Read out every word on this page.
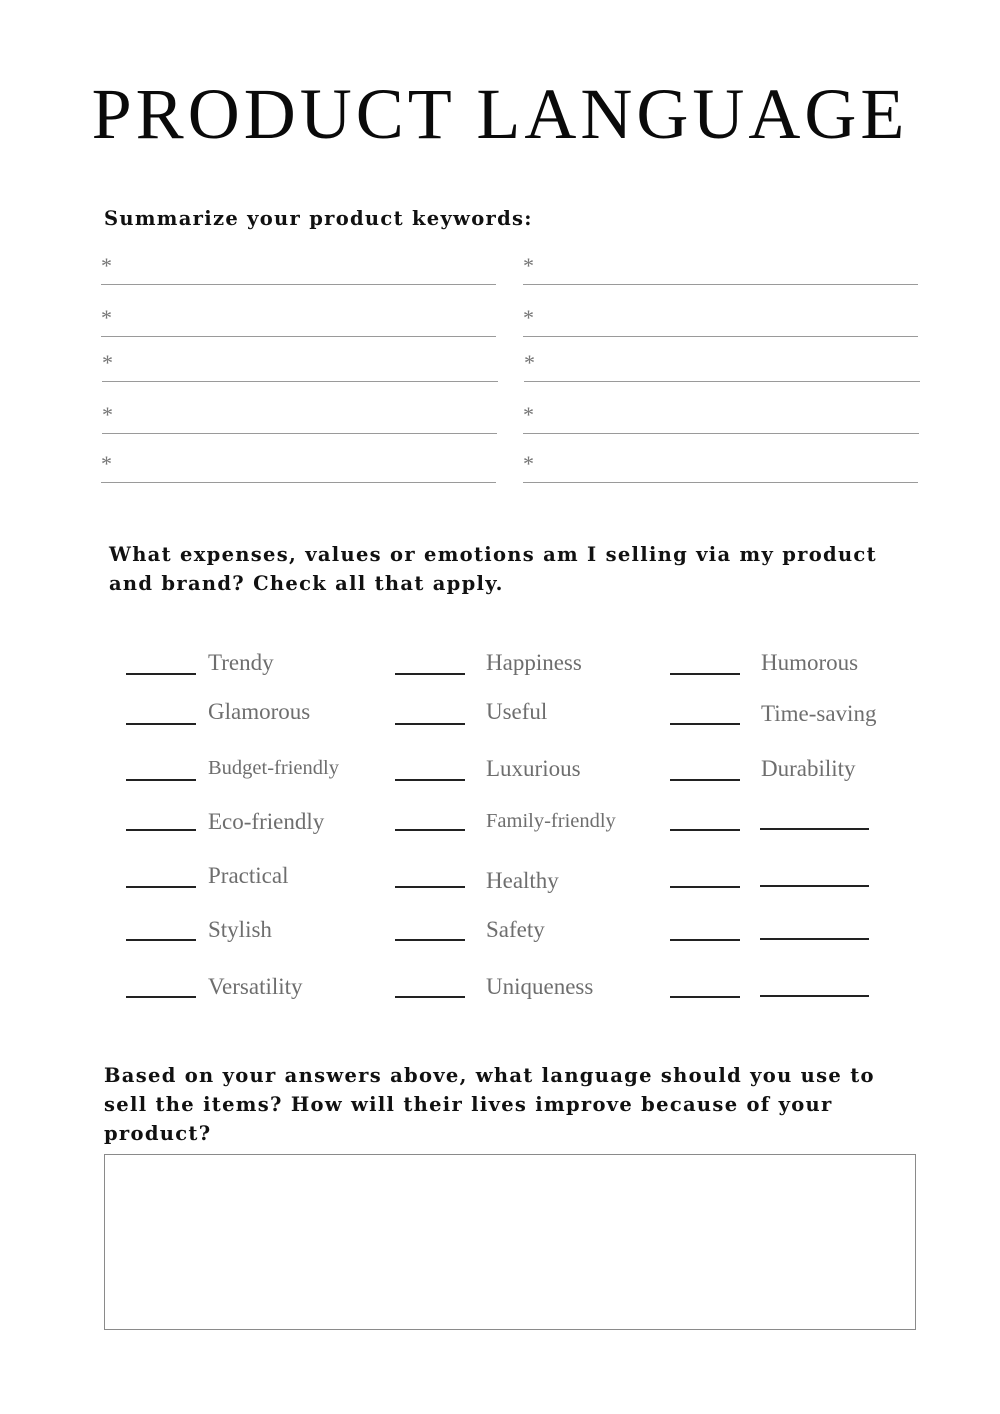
PRODUCT LANGUAGE
Summarize your product keywords:
*
*
*
*
*
*
*
*
*
*
What expenses, values or emotions am I selling via my product and brand? Check all that apply.
Trendy
Glamorous
Budget-friendly
Eco-friendly
Practical
Stylish
Versatility
Happiness
Useful
Luxurious
Family-friendly
Healthy
Safety
Uniqueness
Humorous
Time-saving
Durability
Based on your answers above, what language should you use to sell the items? How will their lives improve because of your product?
